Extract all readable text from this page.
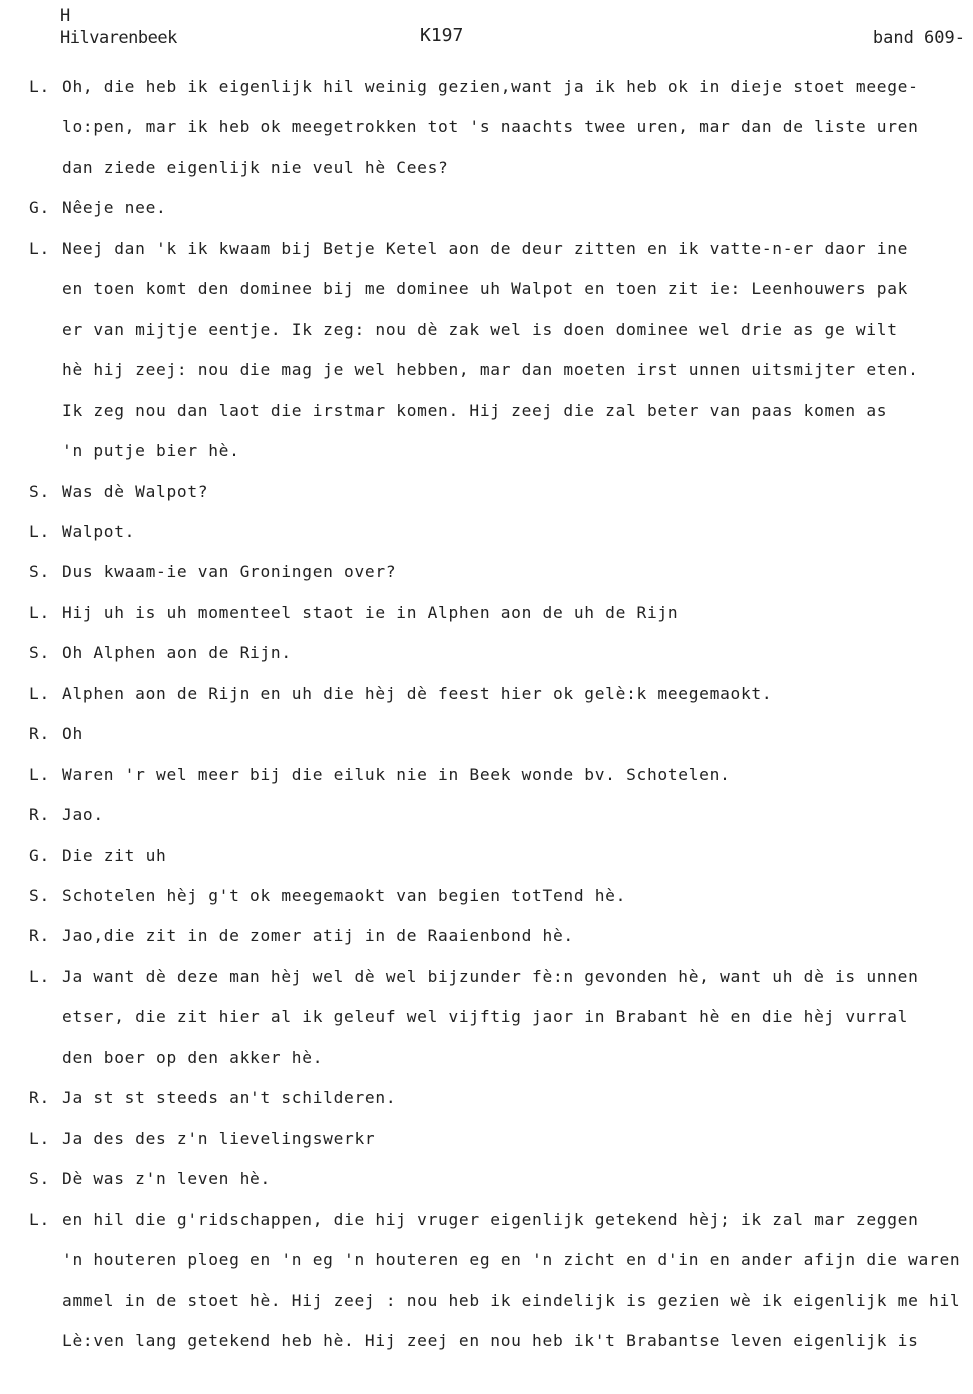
H
Hilvarenbeek	K197	band 609-
L. Oh, die heb ik eigenlijk hil weinig gezien,want ja ik heb ok in dieje stoet meege-
lo:pen, mar ik heb ok meegetrokken tot 's naachts twee uren, mar dan de liste uren
dan ziede eigenlijk nie veul hè Cees?
G. Nêeje nee.
L. Neej dan 'k ik kwaam bij Betje Ketel aon de deur zitten en ik vatte-n-er daor ine
en toen komt den dominee bij me dominee uh Walpot en toen zit ie: Leenhouwers pak
er van mijtje eentje. Ik zeg: nou dè zak wel is doen dominee wel drie as ge wilt
hè hij zeej: nou die mag je wel hebben, mar dan moeten irst unnen uitsmijter eten.
Ik zeg nou dan laot die irstmar komen. Hij zeej die zal beter van paas komen as
'n putje bier hè.
S. Was dè Walpot?
L. Walpot.
S. Dus kwaam-ie van Groningen over?
L. Hij uh is uh momenteel staot ie in Alphen aon de uh de Rijn
S. Oh Alphen aon de Rijn.
L. Alphen aon de Rijn en uh die hèj dè feest hier ok gelè:k meegemaokt.
R. Oh
L. Waren 'r wel meer bij die eiluk nie in Beek wonde bv. Schotelen.
R. Jao.
G. Die zit uh
S. Schotelen hèj g't ok meegemaokt van begien totTend hè.
R. Jao,die zit in de zomer atij in de Raaienbond hè.
L. Ja want dè deze man hèj wel dè wel bijzunder fè:n gevonden hè, want uh dè is unnen
etser, die zit hier al ik geleuf wel vijftig jaor in Brabant hè en die hèj vurral
den boer op den akker hè.
R. Ja st st steeds an't schilderen.
L. Ja des des z'n lievelingswerkr
S. Dè was z'n leven hè.
L. en hil die g'ridschappen, die hij vruger eigenlijk getekend hèj; ik zal mar zeggen
'n houteren ploeg en 'n eg 'n houteren eg en 'n zicht en d'in en ander afijn die waren
ammel in de stoet hè. Hij zeej : nou heb ik eindelijk is gezien wè ik eigenlijk me hil
Lè:ven lang getekend heb hè. Hij zeej en nou heb ik't Brabantse leven eigenlijk is
